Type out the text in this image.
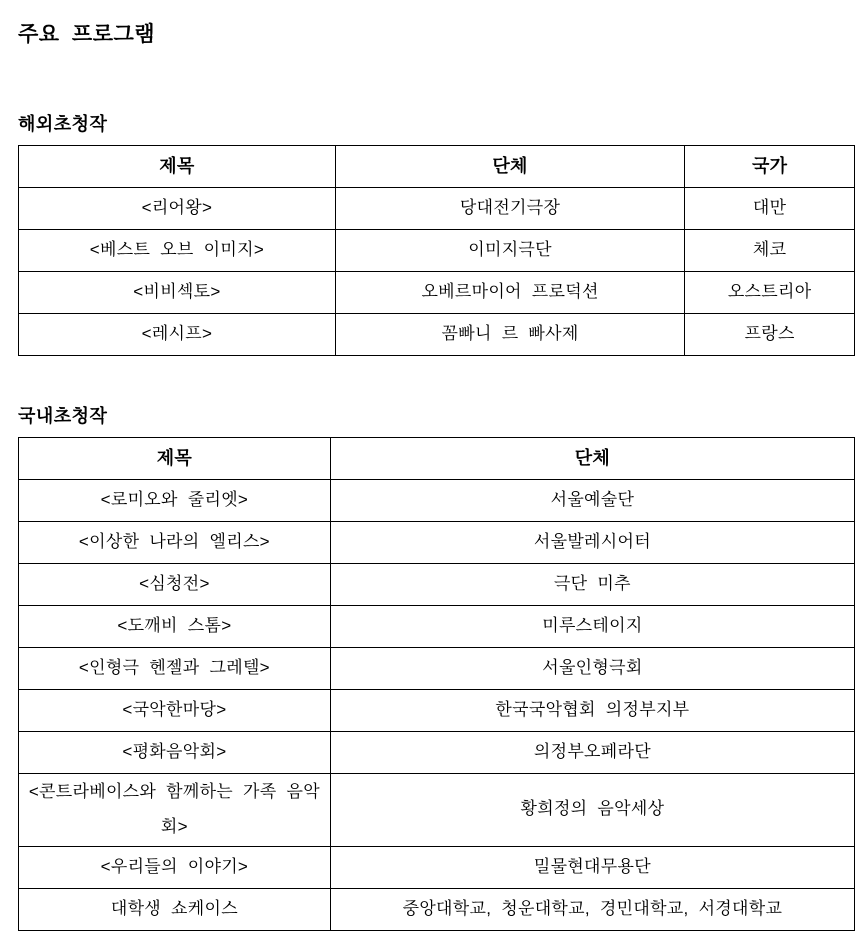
주요 프로그램
해외초청작
제목	단체	국가
<리어왕>	당대전기극장	대만
<베스트 오브 이미지>	이미지극단	체코
<비비섹토>	오베르마이어 프로덕션	오스트리아
<레시프>	꼼빠니 르 빠사제	프랑스
국내초청작
제목	단체
<로미오와 줄리엣>	서울예술단
<이상한 나라의 엘리스>	서울발레시어터
<심청전>	극단 미추
<도깨비 스톰>	미루스테이지
<인형극 헨젤과 그레텔>	서울인형극회
<국악한마당>	한국국악협회 의정부지부
<평화음악회>	의정부오페라단
<콘트라베이스와 함께하는 가족 음악회>	황희정의 음악세상
<우리들의 이야기>	밀물현대무용단
대학생 쇼케이스	중앙대학교, 청운대학교, 경민대학교, 서경대학교
